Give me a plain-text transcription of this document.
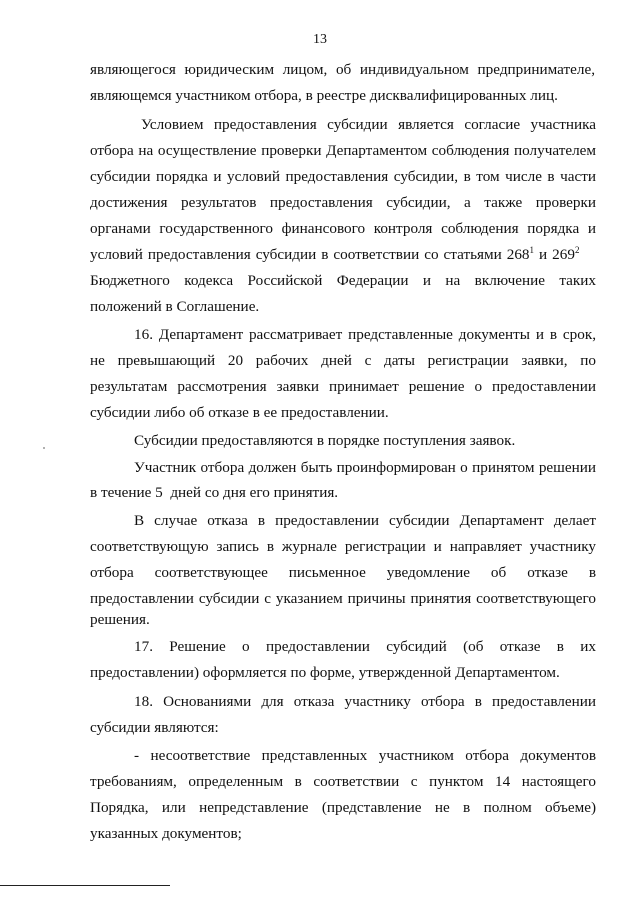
13
являющегося юридическим лицом, об индивидуальном предпринимателе,
являющемся участником отбора, в реестре дисквалифицированных лиц.
Условием предоставления субсидии является согласие участника
отбора на осуществление проверки Департаментом соблюдения получателем
субсидии порядка и условий предоставления субсидии, в том числе в части
достижения результатов предоставления субсидии, а также проверки
органами государственного финансового контроля соблюдения порядка и
условий предоставления субсидии в соответствии со статьями $268^1$ и $269^2$
Бюджетного кодекса Российской Федерации и на включение таких
положений в Соглашение.
16. Департамент рассматривает представленные документы и в срок,
не превышающий 20 рабочих дней с даты регистрации заявки, по
результатам рассмотрения заявки принимает решение о предоставлении
субсидии либо об отказе в ее предоставлении.
Субсидии предоставляются в порядке поступления заявок.
Участник отбора должен быть проинформирован о принятом решении
в течение 5  дней со дня его принятия.
В случае отказа в предоставлении субсидии Департамент делает
соответствующую запись в журнале регистрации и направляет участнику
отбора соответствующее письменное уведомление об отказе в
предоставлении субсидии с указанием причины принятия соответствующего
решения.
17. Решение о предоставлении субсидий (об отказе в их
предоставлении) оформляется по форме, утвержденной Департаментом.
18. Основаниями для отказа участнику отбора в предоставлении
субсидии являются:
- несоответствие представленных участником отбора документов
требованиям, определенным в соответствии с пунктом 14 настоящего
Порядка, или непредставление (представление не в полном объеме)
указанных документов;
